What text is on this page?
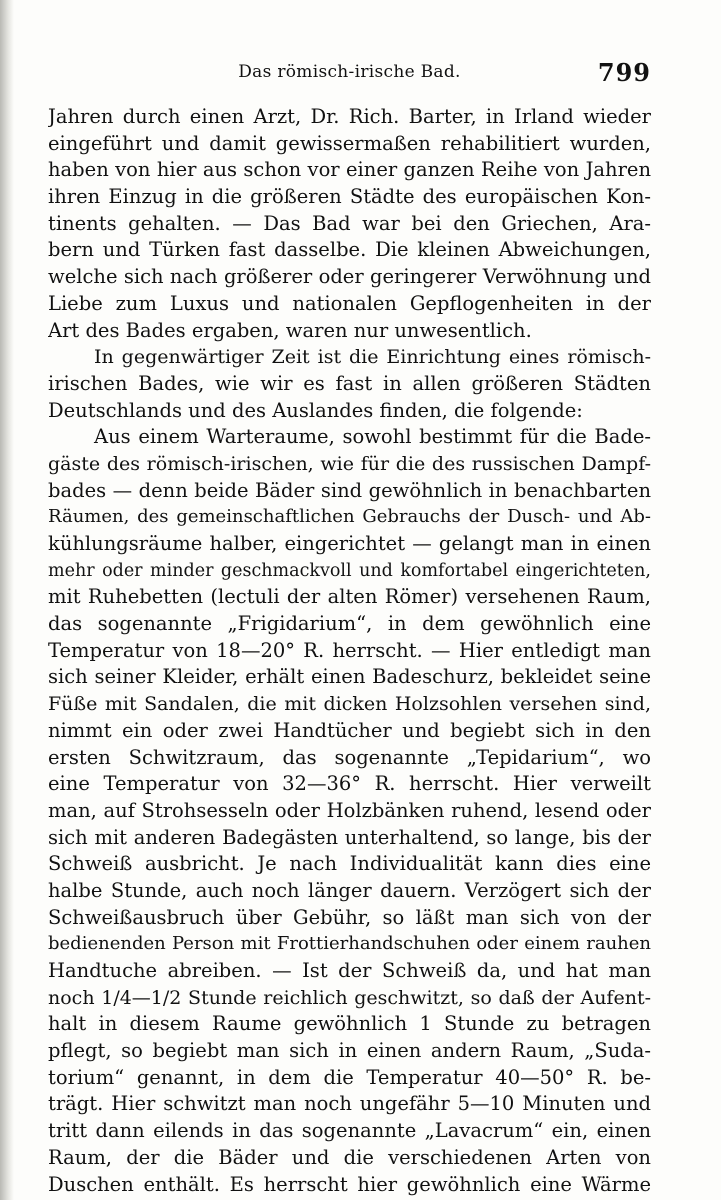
Das römisch-irische Bad.	799
Jahren durch einen Arzt, Dr. Rich. Barter, in Irland wieder
eingeführt und damit gewissermaßen rehabilitiert wurden,
haben von hier aus schon vor einer ganzen Reihe von Jahren
ihren Einzug in die größeren Städte des europäischen Kon-
tinents gehalten. — Das Bad war bei den Griechen, Ara-
bern und Türken fast dasselbe. Die kleinen Abweichungen,
welche sich nach größerer oder geringerer Verwöhnung und
Liebe zum Luxus und nationalen Gepflogenheiten in der
Art des Bades ergaben, waren nur unwesentlich.
In gegenwärtiger Zeit ist die Einrichtung eines römisch-
irischen Bades, wie wir es fast in allen größeren Städten
Deutschlands und des Auslandes finden, die folgende:
Aus einem Warteraume, sowohl bestimmt für die Bade-
gäste des römisch-irischen, wie für die des russischen Dampf-
bades — denn beide Bäder sind gewöhnlich in benachbarten
Räumen, des gemeinschaftlichen Gebrauchs der Dusch- und Ab-
kühlungsräume halber, eingerichtet — gelangt man in einen
mehr oder minder geschmackvoll und komfortabel eingerichteten,
mit Ruhebetten (lectuli der alten Römer) versehenen Raum,
das sogenannte „Frigidarium“, in dem gewöhnlich eine
Temperatur von 18—20° R. herrscht. — Hier entledigt man
sich seiner Kleider, erhält einen Badeschurz, bekleidet seine
Füße mit Sandalen, die mit dicken Holzsohlen versehen sind,
nimmt ein oder zwei Handtücher und begiebt sich in den
ersten Schwitzraum, das sogenannte „Tepidarium“, wo
eine Temperatur von 32—36° R. herrscht. Hier verweilt
man, auf Strohsesseln oder Holzbänken ruhend, lesend oder
sich mit anderen Badegästen unterhaltend, so lange, bis der
Schweiß ausbricht. Je nach Individualität kann dies eine
halbe Stunde, auch noch länger dauern. Verzögert sich der
Schweißausbruch über Gebühr, so läßt man sich von der
bedienenden Person mit Frottierhandschuhen oder einem rauhen
Handtuche abreiben. — Ist der Schweiß da, und hat man
noch 1/4—1/2 Stunde reichlich geschwitzt, so daß der Aufent-
halt in diesem Raume gewöhnlich 1 Stunde zu betragen
pflegt, so begiebt man sich in einen andern Raum, „Suda-
torium“ genannt, in dem die Temperatur 40—50° R. be-
trägt. Hier schwitzt man noch ungefähr 5—10 Minuten und
tritt dann eilends in das sogenannte „Lavacrum“ ein, einen
Raum, der die Bäder und die verschiedenen Arten von
Duschen enthält. Es herrscht hier gewöhnlich eine Wärme
